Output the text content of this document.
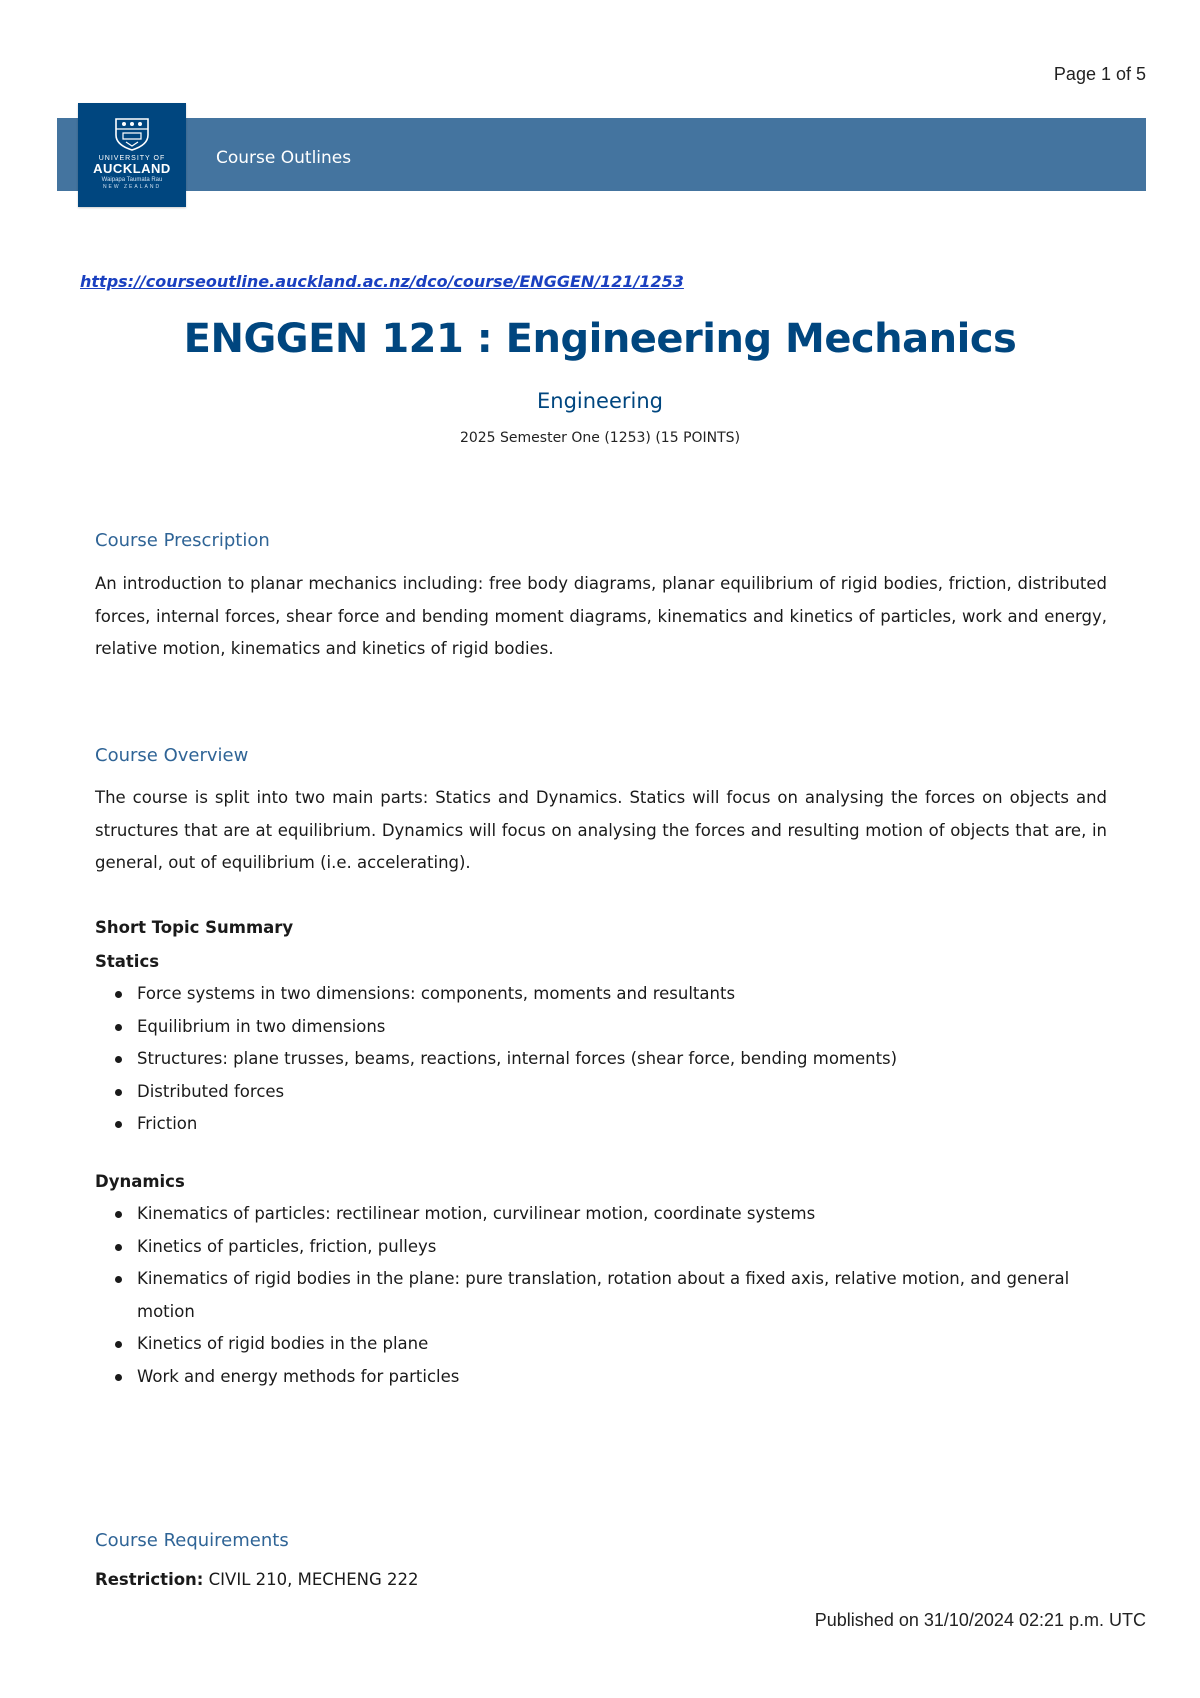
Page 1 of 5
UNIVERSITY OF
AUCKLAND
Waipapa Taumata Rau
NEW ZEALAND
Course Outlines
https://courseoutline.auckland.ac.nz/dco/course/ENGGEN/121/1253
ENGGEN 121 : Engineering Mechanics
Engineering
2025 Semester One (1253) (15 POINTS)
Course Prescription
An introduction to planar mechanics including: free body diagrams, planar equilibrium of rigid bodies, friction, distributed forces, internal forces, shear force and bending moment diagrams, kinematics and kinetics of particles, work and energy, relative motion, kinematics and kinetics of rigid bodies.
Course Overview
The course is split into two main parts: Statics and Dynamics. Statics will focus on analysing the forces on objects and structures that are at equilibrium. Dynamics will focus on analysing the forces and resulting motion of objects that are, in general, out of equilibrium (i.e. accelerating).
Short Topic Summary
Statics
Force systems in two dimensions: components, moments and resultants
Equilibrium in two dimensions
Structures: plane trusses, beams, reactions, internal forces (shear force, bending moments)
Distributed forces
Friction
Dynamics
Kinematics of particles: rectilinear motion, curvilinear motion, coordinate systems
Kinetics of particles, friction, pulleys
Kinematics of rigid bodies in the plane: pure translation, rotation about a fixed axis, relative motion, and general motion
Kinetics of rigid bodies in the plane
Work and energy methods for particles
Course Requirements
Restriction: CIVIL 210, MECHENG 222
Published on 31/10/2024 02:21 p.m. UTC
